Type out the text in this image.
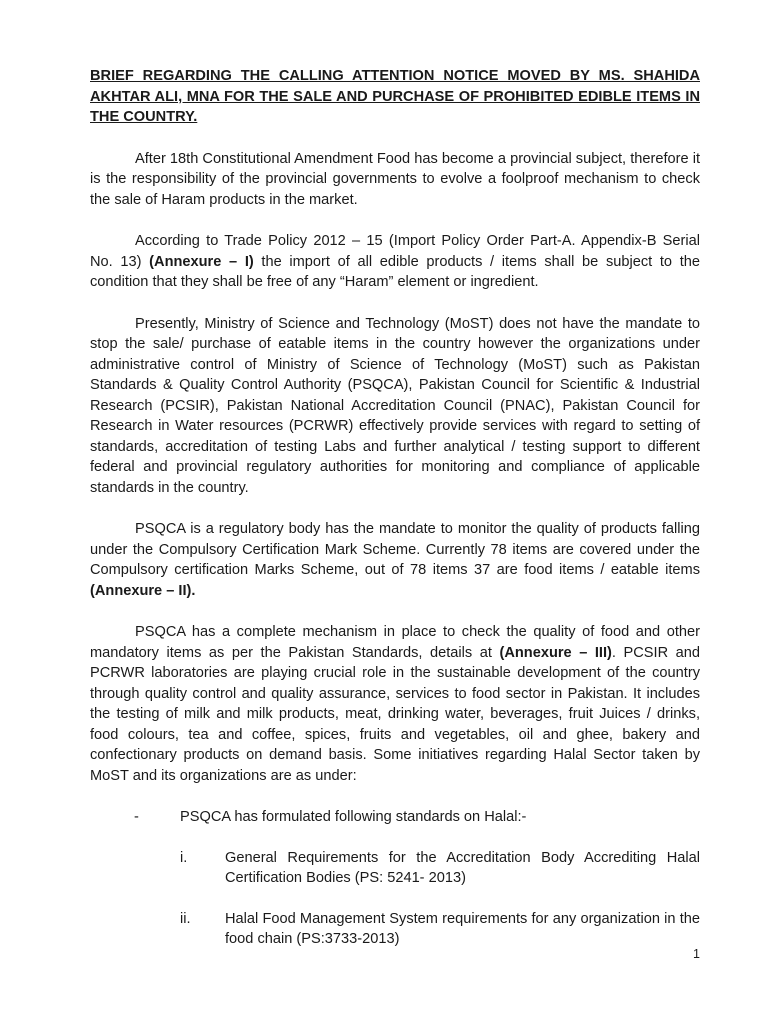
BRIEF REGARDING THE CALLING ATTENTION NOTICE MOVED BY MS. SHAHIDA AKHTAR ALI, MNA FOR THE SALE AND PURCHASE OF PROHIBITED EDIBLE ITEMS IN THE COUNTRY.

After 18th Constitutional Amendment Food has become a provincial subject, therefore it is the responsibility of the provincial governments to evolve a foolproof mechanism to check the sale of Haram products in the market.

According to Trade Policy 2012 – 15 (Import Policy Order Part-A. Appendix-B Serial No. 13) (Annexure – I) the import of all edible products / items shall be subject to the condition that they shall be free of any “Haram” element or ingredient.

Presently, Ministry of Science and Technology (MoST) does not have the mandate to stop the sale/ purchase of eatable items in the country however the organizations under administrative control of Ministry of Science of Technology (MoST) such as Pakistan Standards & Quality Control Authority (PSQCA), Pakistan Council for Scientific & Industrial Research (PCSIR), Pakistan National Accreditation Council (PNAC), Pakistan Council for Research in Water resources (PCRWR) effectively provide services with regard to setting of standards, accreditation of testing Labs and further analytical / testing support to different federal and provincial regulatory authorities for monitoring and compliance of applicable standards in the country.

PSQCA is a regulatory body has the mandate to monitor the quality of products falling under the Compulsory Certification Mark Scheme. Currently 78 items are covered under the Compulsory certification Marks Scheme, out of 78 items 37 are food items / eatable items (Annexure – II).

PSQCA has a complete mechanism in place to check the quality of food and other mandatory items as per the Pakistan Standards, details at (Annexure – III). PCSIR and PCRWR laboratories are playing crucial role in the sustainable development of the country through quality control and quality assurance, services to food sector in Pakistan. It includes the testing of milk and milk products, meat, drinking water, beverages, fruit Juices / drinks, food colours, tea and coffee, spices, fruits and vegetables, oil and ghee, bakery and confectionary products on demand basis. Some initiatives regarding Halal Sector taken by MoST and its organizations are as under:

-	PSQCA has formulated following standards on Halal:-
i.	General Requirements for the Accreditation Body Accrediting Halal Certification Bodies (PS: 5241- 2013)
ii. Halal Food Management System requirements for any organization in the food chain (PS:3733-2013)
1
